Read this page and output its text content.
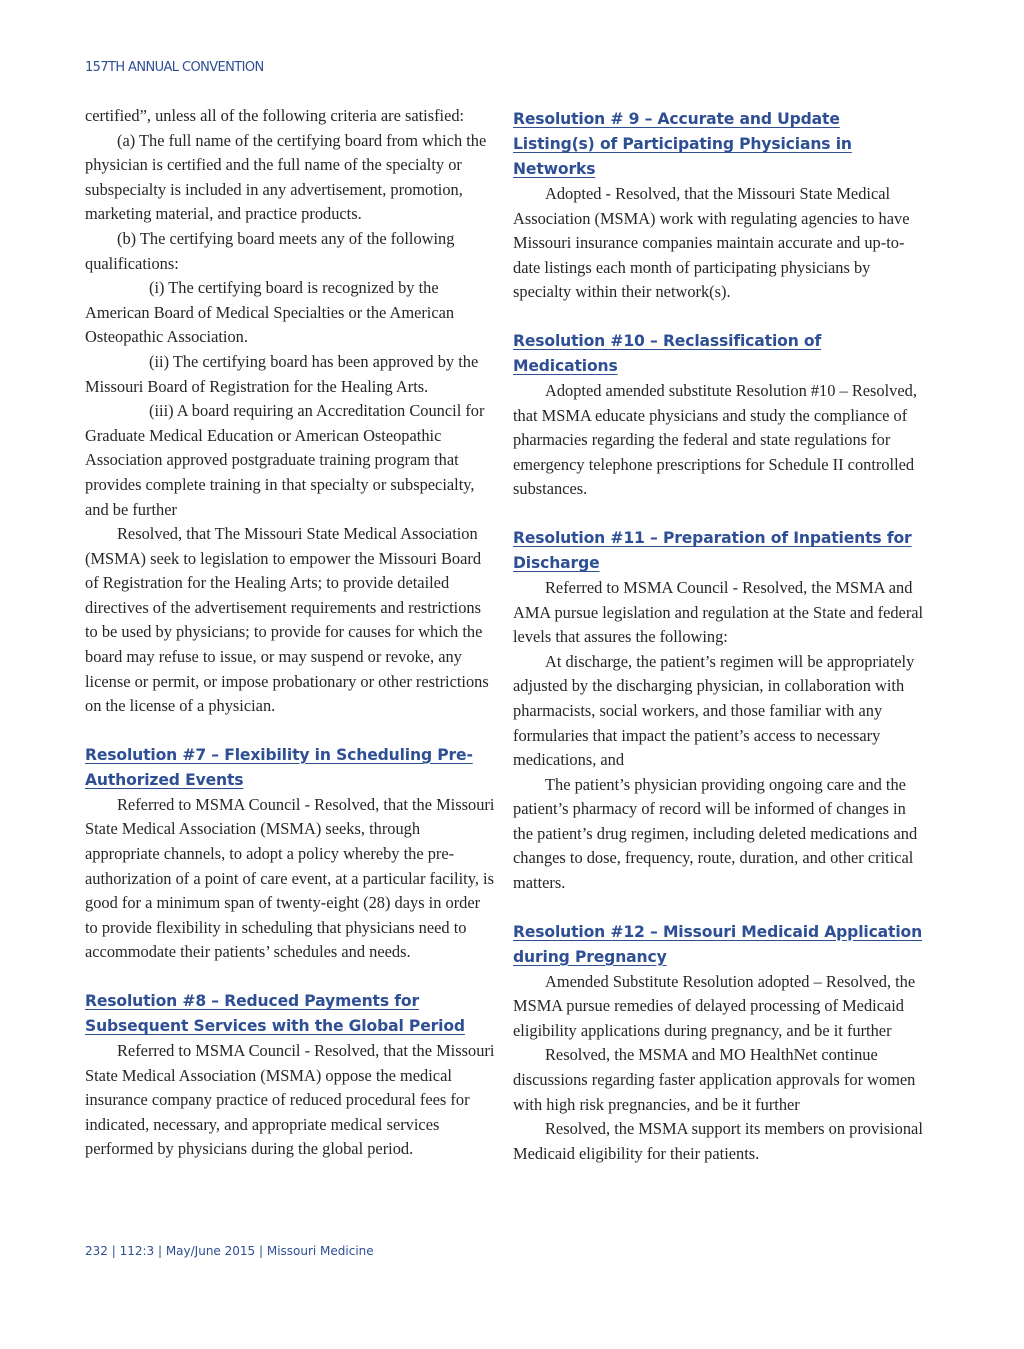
157TH ANNUAL CONVENTION

certified”, unless all of the following criteria are satisfied:

(a) The full name of the certifying board from which the physician is certified and the full name of the specialty or subspecialty is included in any advertisement, promotion, marketing material, and practice products.

(b) The certifying board meets any of the following qualifications:

(i) The certifying board is recognized by the American Board of Medical Specialties or the American Osteopathic Association.

(ii) The certifying board has been approved by the Missouri Board of Registration for the Healing Arts.

(iii) A board requiring an Accreditation Council for Graduate Medical Education or American Osteopathic Association approved postgraduate training program that provides complete training in that specialty or subspecialty, and be further

Resolved, that The Missouri State Medical Association (MSMA) seek to legislation to empower the Missouri Board of Registration for the Healing Arts; to provide detailed directives of the advertisement requirements and restrictions to be used by physicians; to provide for causes for which the board may refuse to issue, or may suspend or revoke, any license or permit, or impose probationary or other restrictions on the license of a physician.

Resolution #7 – Flexibility in Scheduling Pre-Authorized Events

Referred to MSMA Council - Resolved, that the Missouri State Medical Association (MSMA) seeks, through appropriate channels, to adopt a policy whereby the pre-authorization of a point of care event, at a particular facility, is good for a minimum span of twenty-eight (28) days in order to provide flexibility in scheduling that physicians need to accommodate their patients’ schedules and needs.

Resolution #8 – Reduced Payments for Subsequent Services with the Global Period

Referred to MSMA Council - Resolved, that the Missouri State Medical Association (MSMA) oppose the medical insurance company practice of reduced procedural fees for indicated, necessary, and appropriate medical services performed by physicians during the global period.

Resolution # 9 – Accurate and Update Listing(s) of Participating Physicians in Networks

Adopted - Resolved, that the Missouri State Medical Association (MSMA) work with regulating agencies to have Missouri insurance companies maintain accurate and up-to-date listings each month of participating physicians by specialty within their network(s).

Resolution #10 – Reclassification of Medications

Adopted amended substitute Resolution #10 – Resolved, that MSMA educate physicians and study the compliance of pharmacies regarding the federal and state regulations for emergency telephone prescriptions for Schedule II controlled substances.

Resolution #11 – Preparation of Inpatients for Discharge

Referred to MSMA Council - Resolved, the MSMA and AMA pursue legislation and regulation at the State and federal levels that assures the following:

At discharge, the patient’s regimen will be appropriately adjusted by the discharging physician, in collaboration with pharmacists, social workers, and those familiar with any formularies that impact the patient’s access to necessary medications, and

The patient’s physician providing ongoing care and the patient’s pharmacy of record will be informed of changes in the patient’s drug regimen, including deleted medications and changes to dose, frequency, route, duration, and other critical matters.

Resolution #12 – Missouri Medicaid Application during Pregnancy

Amended Substitute Resolution adopted – Resolved, the MSMA pursue remedies of delayed processing of Medicaid eligibility applications during pregnancy, and be it further

Resolved, the MSMA and MO HealthNet continue discussions regarding faster application approvals for women with high risk pregnancies, and be it further

Resolved, the MSMA support its members on provisional Medicaid eligibility for their patients.

232 | 112:3 | May/June 2015 | Missouri Medicine
